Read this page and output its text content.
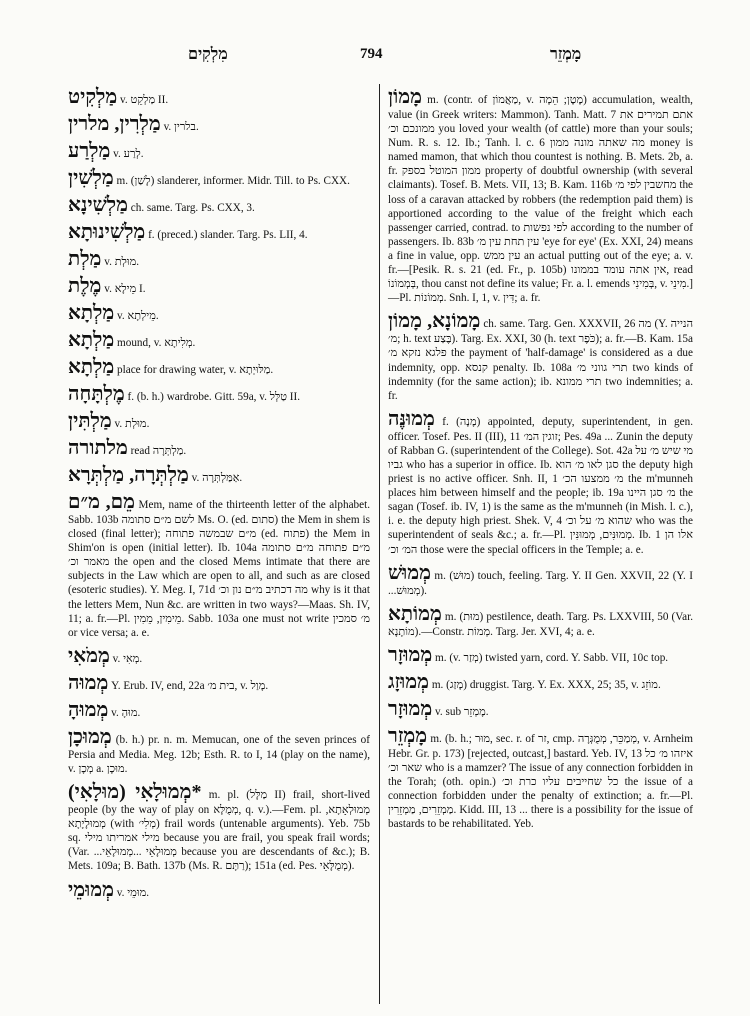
מִלְקִים	794	מָמְזֵר

מַלְקִיט v. מַלְקֵט II.

מַלְרִין, מלרין v. בלרין.

מַלְרַע v. לְרַע.

מַלְשִׁין m. (לָשַׁן) slanderer, informer. Midr. Till. to Ps. CXX.

מַלְשִׁינָא ch. same. Targ. Ps. CXX, 3.

מַלְשִׁינוּתָא f. (preced.) slander. Targ. Ps. LII, 4.

מַלְת v. מוּלְת.

מֶלֶת v. מֵילָא I.

מַלְתָא v. מֵילְתָא.

מַלְתָא mound, v. מְלִיתָא.

מַלְתָא place for drawing water, v. מַלּוּיְתָא.

מֶלְתָּחָה f. (b. h.) wardrobe. Gitt. 59a, v. טַלְּל II.

מַלְתִּין v. מוּלְת.

מלתורה read מַלְתְּרָה.

מַלְתְּרָה, מַלְתְּרָא v. אַמַּלְתְּרָה.

מֵם, מ״ם Mem, name of the thirteenth letter of the alphabet. Sabb. 103b לשם מ״ם סתומה Ms. O. (ed. סתום) the Mem in shem is closed (final letter); מ״ם שבמשה פתוחה (ed. פתוח) the Mem in Shim'on is open (initial letter). Ib. 104a מ״ם פתוחה מ״ם סתומה מאמר וכ׳ the open and the closed Mems intimate that there are subjects in the Law which are open to all, and such as are closed (esoteric studies). Y. Meg. I, 71d מה דכתיב מ״ם נון וכ׳ why is it that the letters Mem, Nun &c. are written in two ways?—Maas. Sh. IV, 11; a. fr.—Pl. מֵימִין, מֵמִין. Sabb. 103a one must not write מ׳ סמכין or vice versa; a. e.

מְמֹאִי v. מְאִי.

מְמוּה Y. Erub. IV, end, 22a בית מ׳, v. מָוַל.

מְמוּהָ v. מוּהָ.

מְמוּכָן (b. h.) pr. n. m. Memucan, one of the seven princes of Persia and Media. Meg. 12b; Esth. R. to I, 14 (play on the name), v. מְכָן a. מוּכָן.

*מְמוּלָאִי (מוּלָאִי) m. pl. (מַלָּל II) frail, short-lived people (by the way of play on מְמֻלָּא, q. v.).—Fem. pl. מְמוּלְאָתָא, מְמוּלָיָתָא (with מְלִי׳) frail words (untenable arguments). Yeb. 75b sq. מילי אמריתו מילי because you are frail, you speak frail words; (Var. ...מְמוּלָאֵי ...מְמוּלָאֵי because you are descendants of &c.); B. Mets. 109a; B. Bath. 137b (Ms. R. רַתָּם); 151a (ed. Pes. מְמֻלָּאֵי).

מְמוּמֵי v. מוּמֵי.

מָמוֹן m. (contr. of מַאֲמוֹן, v. מֶטֶן; הֵמָה) accumulation, wealth, value (in Greek writers: Mammon). Tanh. Matt. 7 אתם תמירים את ממונכם וכ׳ you loved your wealth (of cattle) more than your souls; Num. R. s. 12. Ib.; Tanh. l. c. 6 מה שאתה מונה ממון money is named mamon, that which thou countest is nothing. B. Mets. 2b, a. fr. ממון המוטל בספק property of doubtful ownership (with several claimants). Tosef. B. Mets. VII, 13; B. Kam. 116b מחשבין לפי מ׳ the loss of a caravan attacked by robbers (the redemption paid them) is apportioned according to the value of the freight which each passenger carried, contrad. to לפי נפשות according to the number of passengers. Ib. 83b עין תחת עין מ׳ 'eye for eye' (Ex. XXI, 24) means a fine in value, opp. עין ממש an actual putting out of the eye; a. v. fr.—[Pesik. R. s. 21 (ed. Fr., p. 105b) אין אתה עומד בממונו, read בְּמְמוֹנוֹ, thou canst not define its value; Fr. a. l. emends בְּמִינִי, v. מִינֵי.]—Pl. מְמוֹנוֹת. Snh. I, 1, v. דִּין; a. fr.

מָמוֹנָא, מָמוֹן ch. same. Targ. Gen. XXXVII, 26 מה (Y. הנייה מ׳; h. text בֶּצַע). Targ. Ex. XXI, 30 (h. text כֹּפֶר); a. fr.—B. Kam. 15a פלגא נזקא מ׳ the payment of 'half-damage' is considered as a due indemnity, opp. קנסא penalty. Ib. 108a תרי גווני מ׳ two kinds of indemnity (for the same action); ib. תרי ממונא two indemnities; a. fr.

מְמוּנֶּה f. (מָנָה) appointed, deputy, superintendent, in gen. officer. Tosef. Pes. II (III), 11 זוגין המ׳; Pes. 49a ... Zunin the deputy of Rabban G. (superintendent of the College). Sot. 42a מי שיש מ׳ על גביו who has a superior in office. Ib. סגן לאו מ׳ הוא the deputy high priest is no active officer. Snh. II, 1 מ׳ ממצעו הכ׳ the m'munneh places him between himself and the people; ib. 19a מ׳ סגן היינו the sagan (Tosef. ib. IV, 1) is the same as the m'munneh (in Mish. l. c.), i. e. the deputy high priest. Shek. V, 4 שהוא מ׳ על וכ׳ who was the superintendent of seals &c.; a. fr.—Pl. מְמוּנִּים, מְמוּנִּין. Ib. 1 אלו הן המ׳ וכ׳ those were the special officers in the Temple; a. e.

מְמוּשׁ m. (מוּשׁ) touch, feeling. Targ. Y. II Gen. XXVII, 22 (Y. I ...מְמוּשׁ).

מְמוֹתָא m. (מוּת) pestilence, death. Targ. Ps. LXXVIII, 50 (Var. מוֹתָנָא).—Constr. מְמוֹת. Targ. Jer. XVI, 4; a. e.

מְמוּזָר m. (v. מְזַר) twisted yarn, cord. Y. Sabb. VII, 10c top.

מְמוּזָג m. (מָזַג) druggist. Targ. Y. Ex. XXX, 25; 35, v. מוֹזֵג.

מְמוּזָר v. sub מָמְזֵר.

מָמְזֵר m. (b. h.; מוּר, sec. r. of זר, cmp. מְמַכֵּר, מְמֻגְּרָה, v. Arnheim Hebr. Gr. p. 173) [rejected, outcast,] bastard. Yeb. IV, 13 איזהו מ׳ כל שאר וכ׳ who is a mamzer? The issue of any connection forbidden in the Torah; (oth. opin.) כל שחייבים עליו כרת וכ׳ the issue of a connection forbidden under the penalty of extinction; a. fr.—Pl. מַמְזֵרִים, מַמְזֵרִין. Kidd. III, 13 ... there is a possibility for the issue of bastards to be rehabilitated. Yeb.
